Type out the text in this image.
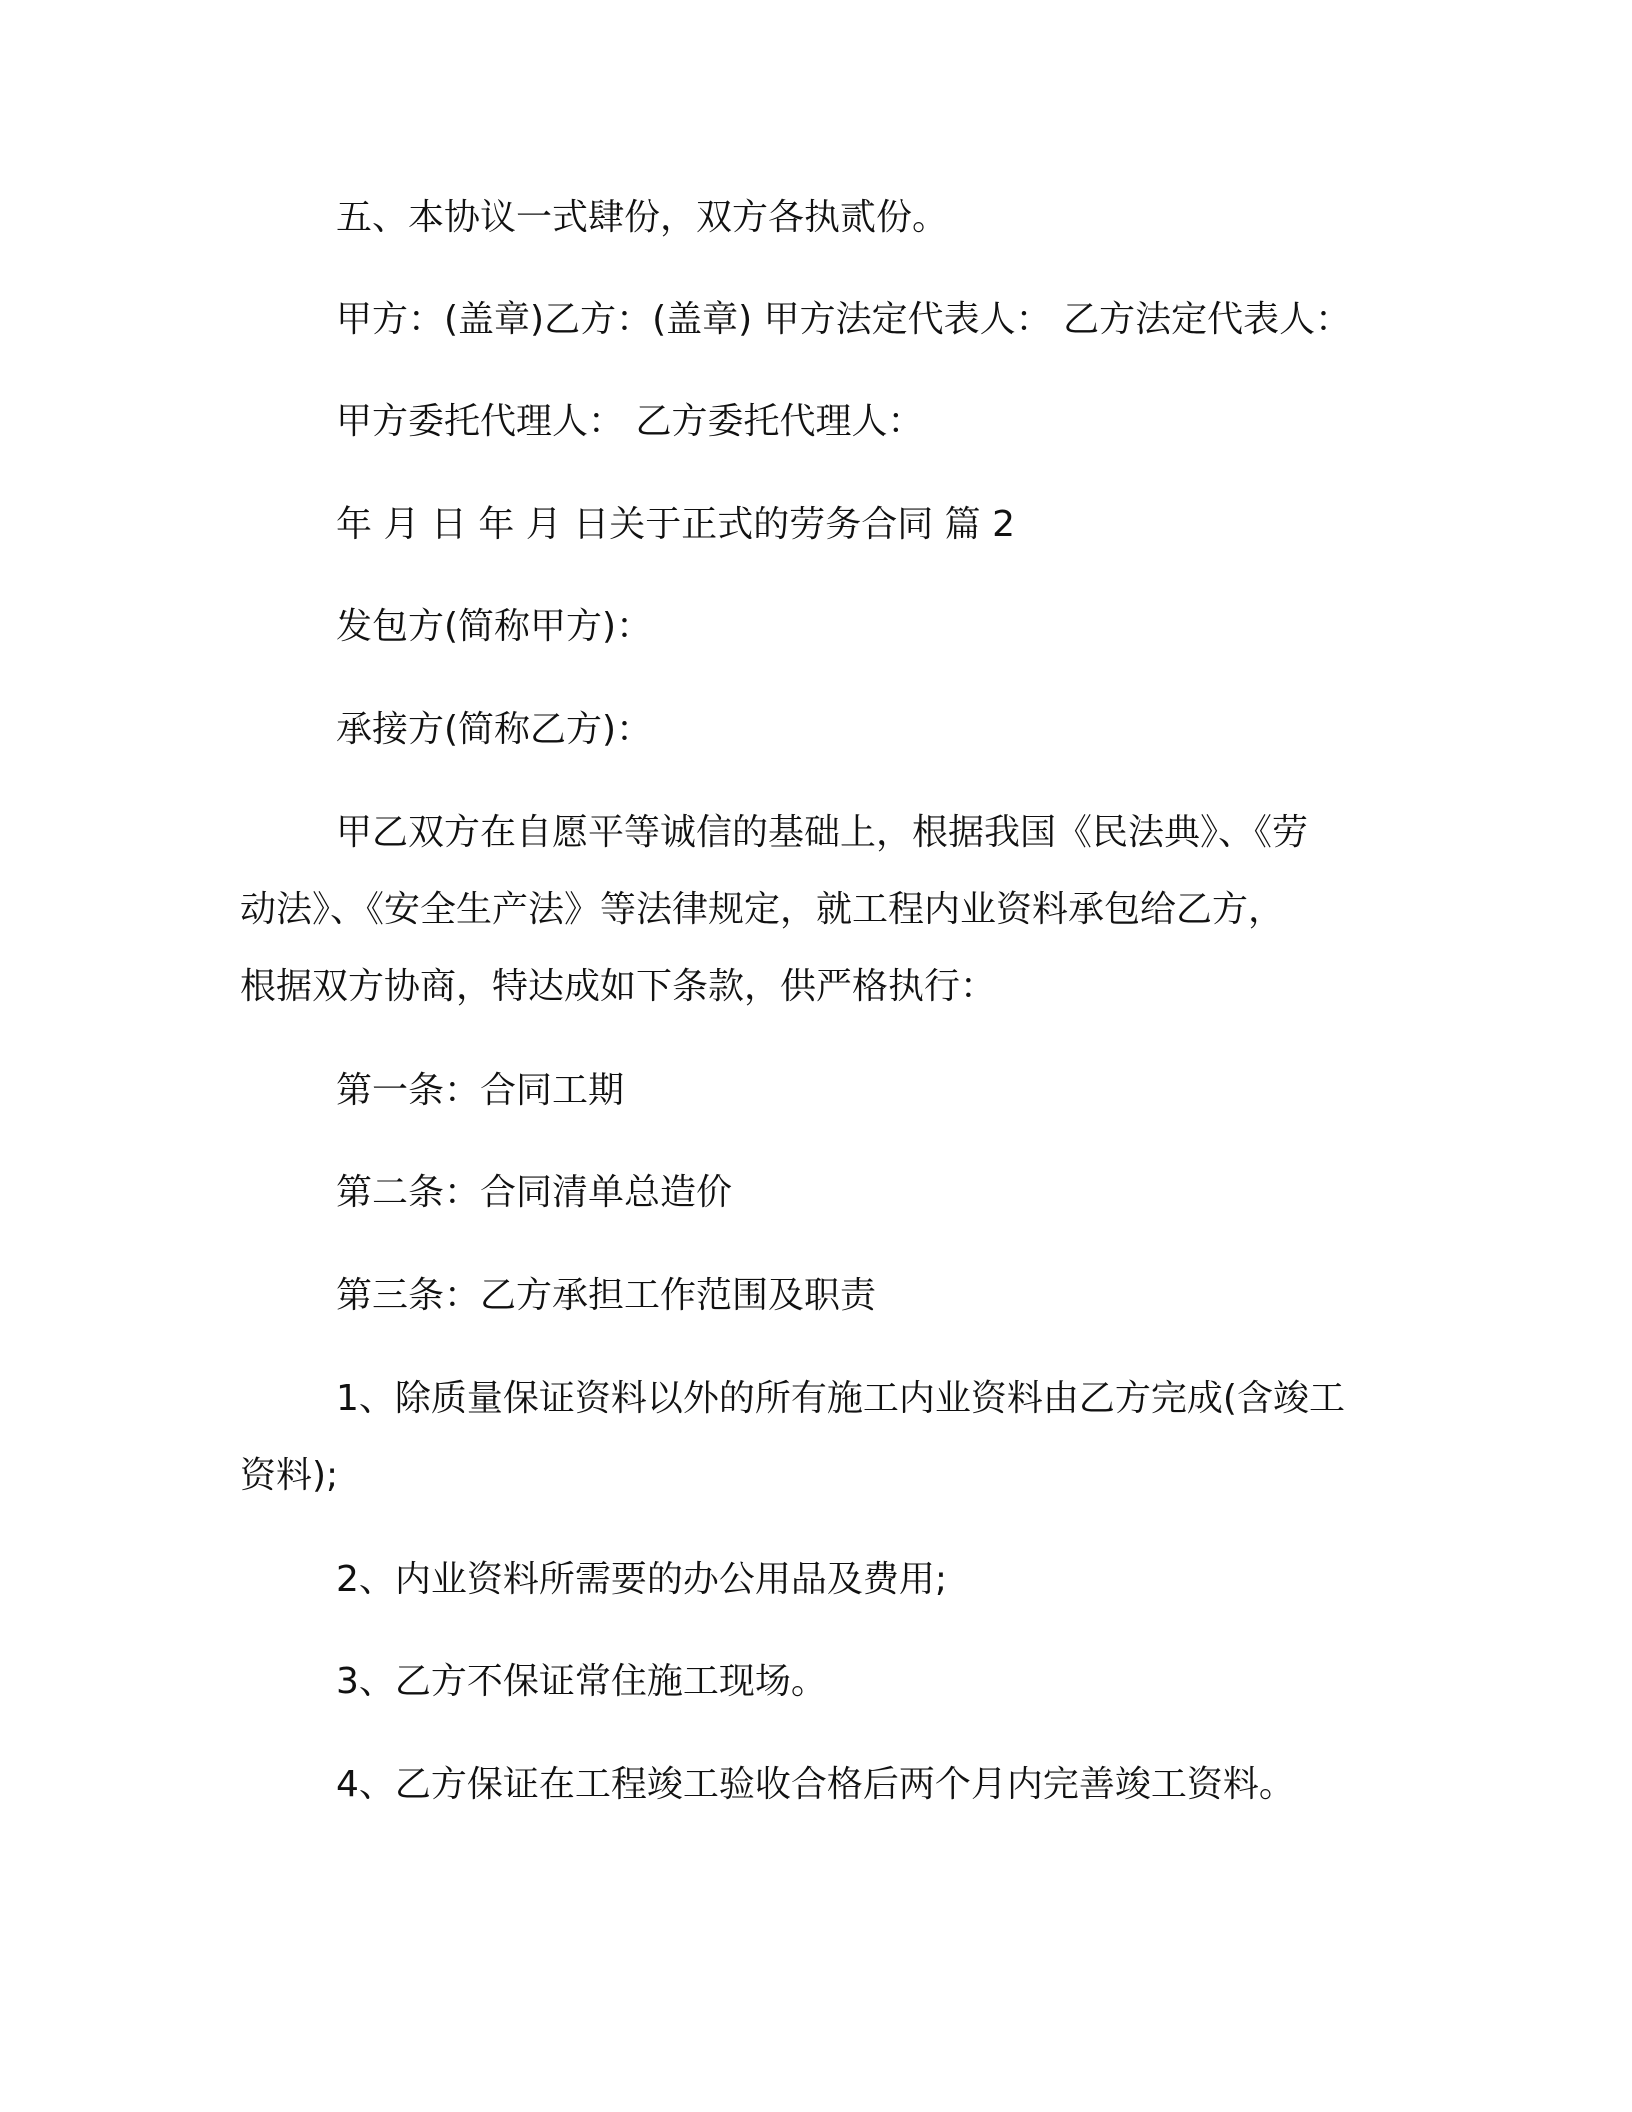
五、本协议一式肆份，双方各执贰份。

甲方：(盖章)乙方：(盖章) 甲方法定代表人： 乙方法定代表人：

甲方委托代理人： 乙方委托代理人：

年 月 日 年 月 日关于正式的劳务合同 篇 2

发包方(简称甲方)：

承接方(简称乙方)：

甲乙双方在自愿平等诚信的基础上，根据我国《民法典》、《劳
动法》、《安全生产法》等法律规定，就工程内业资料承包给乙方，
根据双方协商，特达成如下条款，供严格执行：

第一条：合同工期

第二条：合同清单总造价

第三条：乙方承担工作范围及职责

1、除质量保证资料以外的所有施工内业资料由乙方完成(含竣工
资料);

2、内业资料所需要的办公用品及费用;

3、乙方不保证常住施工现场。

4、乙方保证在工程竣工验收合格后两个月内完善竣工资料。
